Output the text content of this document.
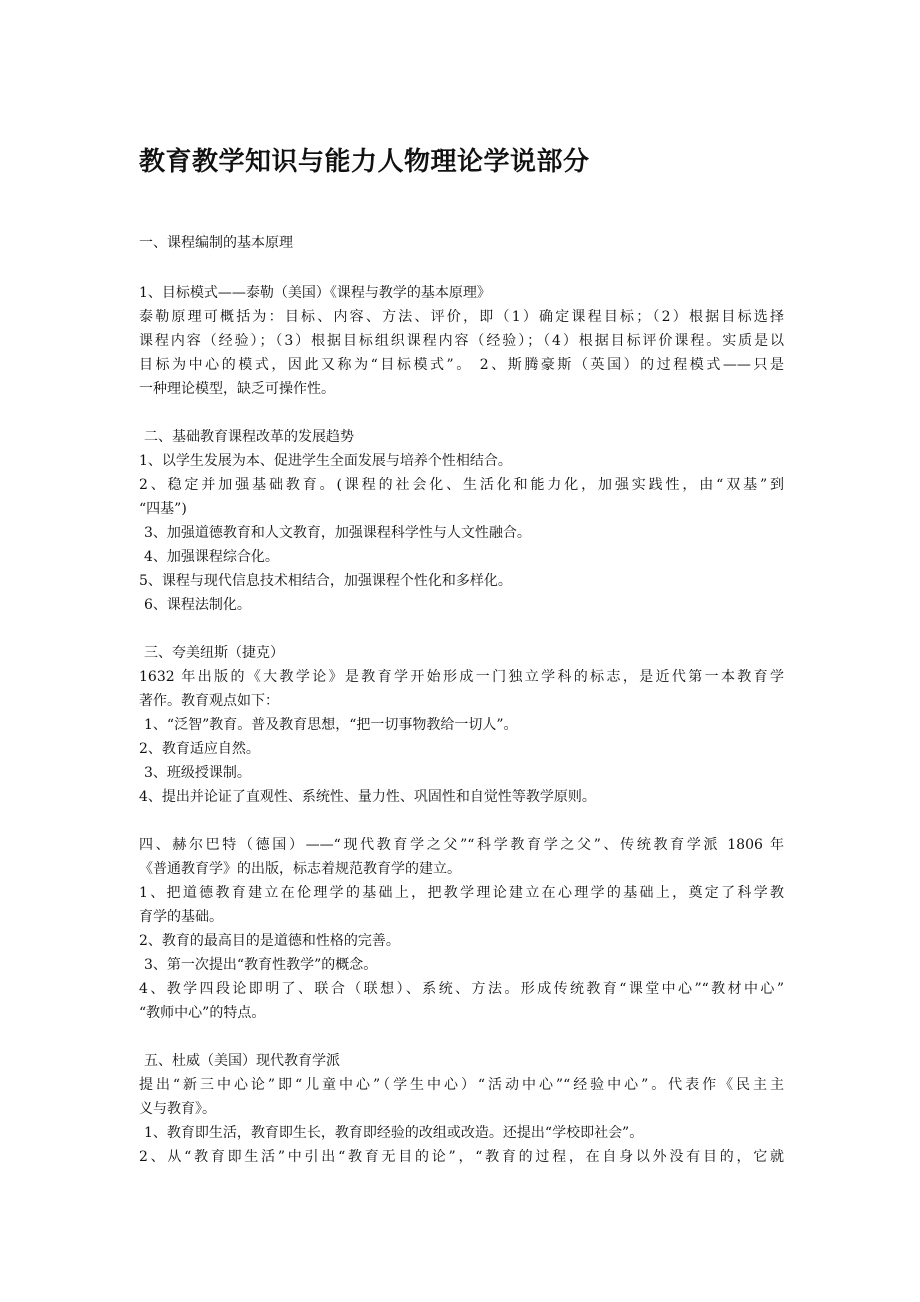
教育教学知识与能力人物理论学说部分
一、课程编制的基本原理
1、目标模式——泰勒（美国）《课程与教学的基本原理》
泰勒原理可概括为：目标、内容、方法、评价，即（1）确定课程目标；（2）根据目标选择
课程内容（经验）；（3）根据目标组织课程内容（经验）；（4）根据目标评价课程。实质是以
目标为中心的模式，因此又称为“目标模式”。 2、斯腾豪斯（英国）的过程模式——只是
一种理论模型，缺乏可操作性。
二、基础教育课程改革的发展趋势
1、以学生发展为本、促进学生全面发展与培养个性相结合。
2、稳定并加强基础教育。(课程的社会化、生活化和能力化，加强实践性，由“双基”到
“四基”)
3、加强道德教育和人文教育，加强课程科学性与人文性融合。
4、加强课程综合化。
5、课程与现代信息技术相结合，加强课程个性化和多样化。
6、课程法制化。
三、夸美纽斯（捷克）
1632 年出版的《大教学论》是教育学开始形成一门独立学科的标志，是近代第一本教育学
著作。教育观点如下：
1、“泛智”教育。普及教育思想，“把一切事物教给一切人”。
2、教育适应自然。
3、班级授课制。
4、提出并论证了直观性、系统性、量力性、巩固性和自觉性等教学原则。
四、赫尔巴特（德国）——“现代教育学之父”“科学教育学之父”、传统教育学派 1806 年
《普通教育学》的出版，标志着规范教育学的建立。
1、把道德教育建立在伦理学的基础上，把教学理论建立在心理学的基础上，奠定了科学教
育学的基础。
2、教育的最高目的是道德和性格的完善。
3、第一次提出“教育性教学”的概念。
4、教学四段论即明了、联合（联想）、系统、方法。形成传统教育“课堂中心”“教材中心”
“教师中心”的特点。
五、杜威（美国）现代教育学派
提出“新三中心论”即“儿童中心”（学生中心）“活动中心”“经验中心”。代表作《民主主
义与教育》。
1、教育即生活，教育即生长，教育即经验的改组或改造。还提出“学校即社会”。
2、从“教育即生活”中引出“教育无目的论”，“教育的过程，在自身以外没有目的，它就
